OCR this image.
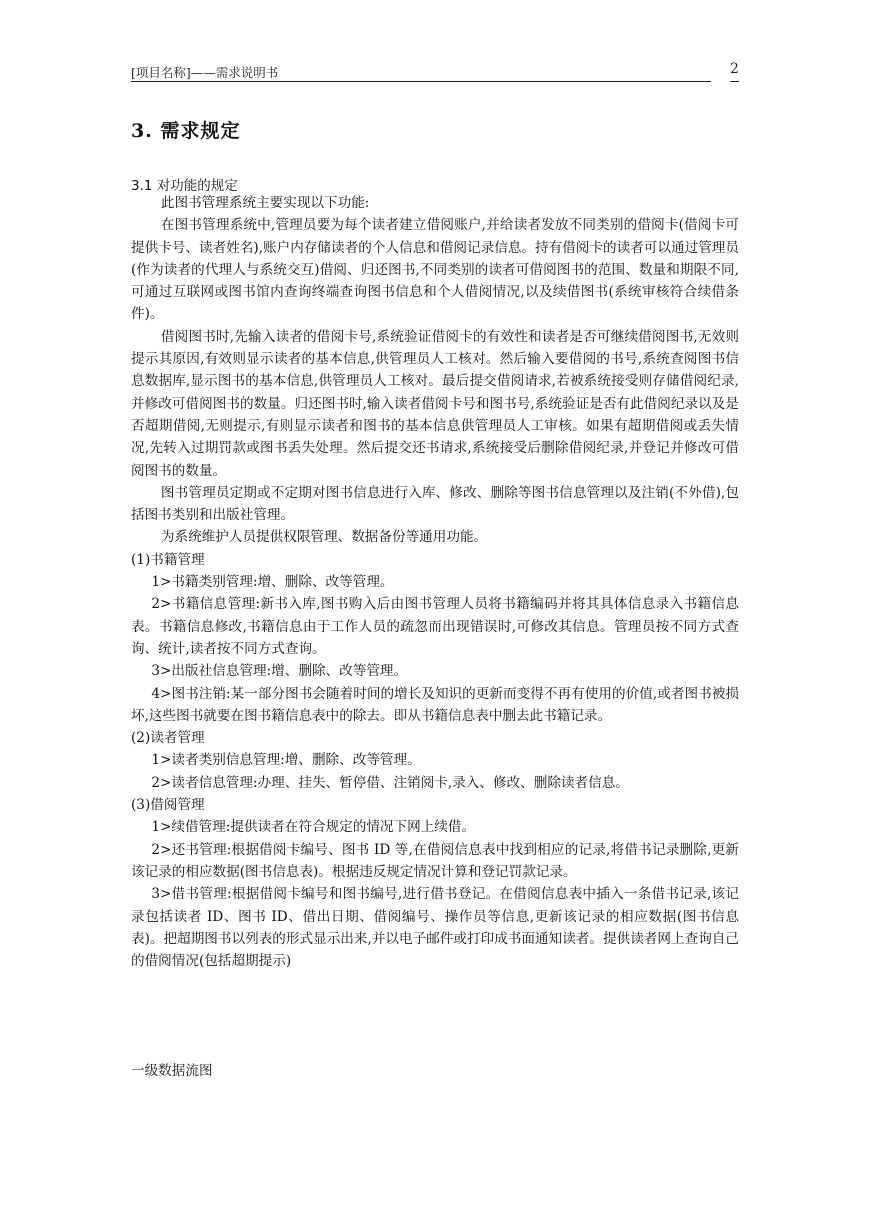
[项目名称]——需求说明书	2
3. 需求规定
3.1 对功能的规定

此图书管理系统主要实现以下功能:

在图书管理系统中,管理员要为每个读者建立借阅账户,并给读者发放不同类别的借阅卡(借阅卡可提供卡号、读者姓名),账户内存储读者的个人信息和借阅记录信息。持有借阅卡的读者可以通过管理员(作为读者的代理人与系统交互)借阅、归还图书,不同类别的读者可借阅图书的范围、数量和期限不同,可通过互联网或图书馆内查询终端查询图书信息和个人借阅情况,以及续借图书(系统审核符合续借条件)。

借阅图书时,先输入读者的借阅卡号,系统验证借阅卡的有效性和读者是否可继续借阅图书,无效则提示其原因,有效则显示读者的基本信息,供管理员人工核对。然后输入要借阅的书号,系统查阅图书信息数据库,显示图书的基本信息,供管理员人工核对。最后提交借阅请求,若被系统接受则存储借阅纪录,并修改可借阅图书的数量。归还图书时,输入读者借阅卡号和图书号,系统验证是否有此借阅纪录以及是否超期借阅,无则提示,有则显示读者和图书的基本信息供管理员人工审核。如果有超期借阅或丢失情况,先转入过期罚款或图书丢失处理。然后提交还书请求,系统接受后删除借阅纪录,并登记并修改可借阅图书的数量。

图书管理员定期或不定期对图书信息进行入库、修改、删除等图书信息管理以及注销(不外借),包括图书类别和出版社管理。

为系统维护人员提供权限管理、数据备份等通用功能。

(1)书籍管理

1>书籍类别管理:增、删除、改等管理。

2>书籍信息管理:新书入库,图书购入后由图书管理人员将书籍编码并将其具体信息录入书籍信息表。书籍信息修改,书籍信息由于工作人员的疏忽而出现错误时,可修改其信息。管理员按不同方式查询、统计,读者按不同方式查询。

3>出版社信息管理:增、删除、改等管理。

4>图书注销:某一部分图书会随着时间的增长及知识的更新而变得不再有使用的价值,或者图书被损坏,这些图书就要在图书籍信息表中的除去。即从书籍信息表中删去此书籍记录。

(2)读者管理

1>读者类别信息管理:增、删除、改等管理。

2>读者信息管理:办理、挂失、暂停借、注销阅卡,录入、修改、删除读者信息。

(3)借阅管理

1>续借管理:提供读者在符合规定的情况下网上续借。

2>还书管理:根据借阅卡编号、图书 ID 等,在借阅信息表中找到相应的记录,将借书记录删除,更新该记录的相应数据(图书信息表)。根据违反规定情况计算和登记罚款记录。

3>借书管理:根据借阅卡编号和图书编号,进行借书登记。在借阅信息表中插入一条借书记录,该记录包括读者 ID、图书 ID、借出日期、借阅编号、操作员等信息,更新该记录的相应数据(图书信息表)。把超期图书以列表的形式显示出来,并以电子邮件或打印成书面通知读者。提供读者网上查询自己的借阅情况(包括超期提示)

一级数据流图
